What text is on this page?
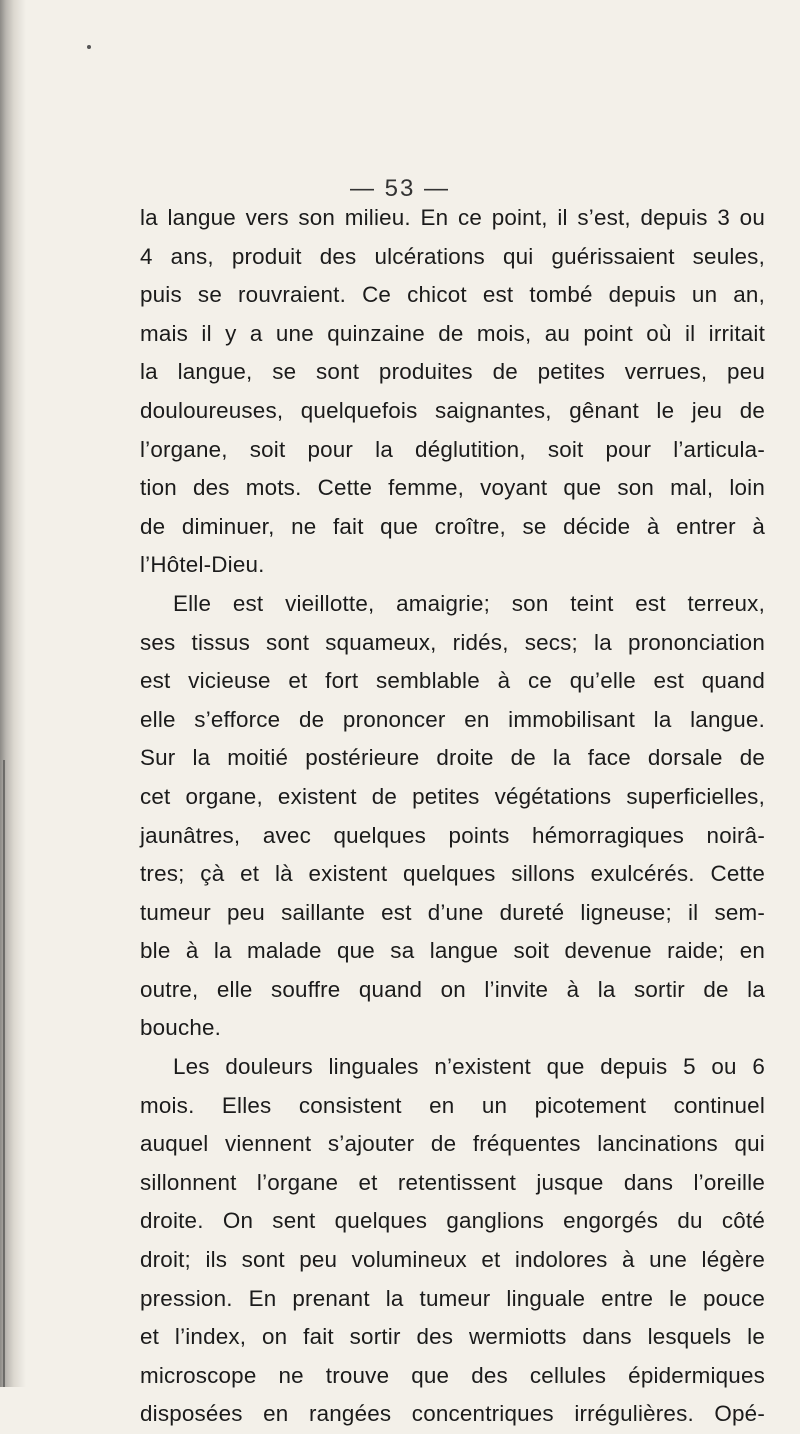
— 53 —
la langue vers son milieu. En ce point, il s’est, depuis 3 ou
4 ans, produit des ulcérations qui guérissaient seules,
puis se rouvraient. Ce chicot est tombé depuis un an,
mais il y a une quinzaine de mois, au point où il irritait
la langue, se sont produites de petites verrues, peu
douloureuses, quelquefois saignantes, gênant le jeu de
l’organe, soit pour la déglutition, soit pour l’articula-
tion des mots. Cette femme, voyant que son mal, loin
de diminuer, ne fait que croître, se décide à entrer à
l’Hôtel-Dieu.
Elle est vieillotte, amaigrie; son teint est terreux,
ses tissus sont squameux, ridés, secs; la prononciation
est vicieuse et fort semblable à ce qu’elle est quand
elle s’efforce de prononcer en immobilisant la langue.
Sur la moitié postérieure droite de la face dorsale de
cet organe, existent de petites végétations superficielles,
jaunâtres, avec quelques points hémorragiques noirâ-
tres; çà et là existent quelques sillons exulcérés. Cette
tumeur peu saillante est d’une dureté ligneuse; il sem-
ble à la malade que sa langue soit devenue raide; en
outre, elle souffre quand on l’invite à la sortir de la
bouche.
Les douleurs linguales n’existent que depuis 5 ou 6
mois. Elles consistent en un picotement continuel
auquel viennent s’ajouter de fréquentes lancinations qui
sillonnent l’organe et retentissent jusque dans l’oreille
droite. On sent quelques ganglions engorgés du côté
droit; ils sont peu volumineux et indolores à une légère
pression. En prenant la tumeur linguale entre le pouce
et l’index, on fait sortir des wermiotts dans lesquels le
microscope ne trouve que des cellules épidermiques
disposées en rangées concentriques irrégulières. Opé-
